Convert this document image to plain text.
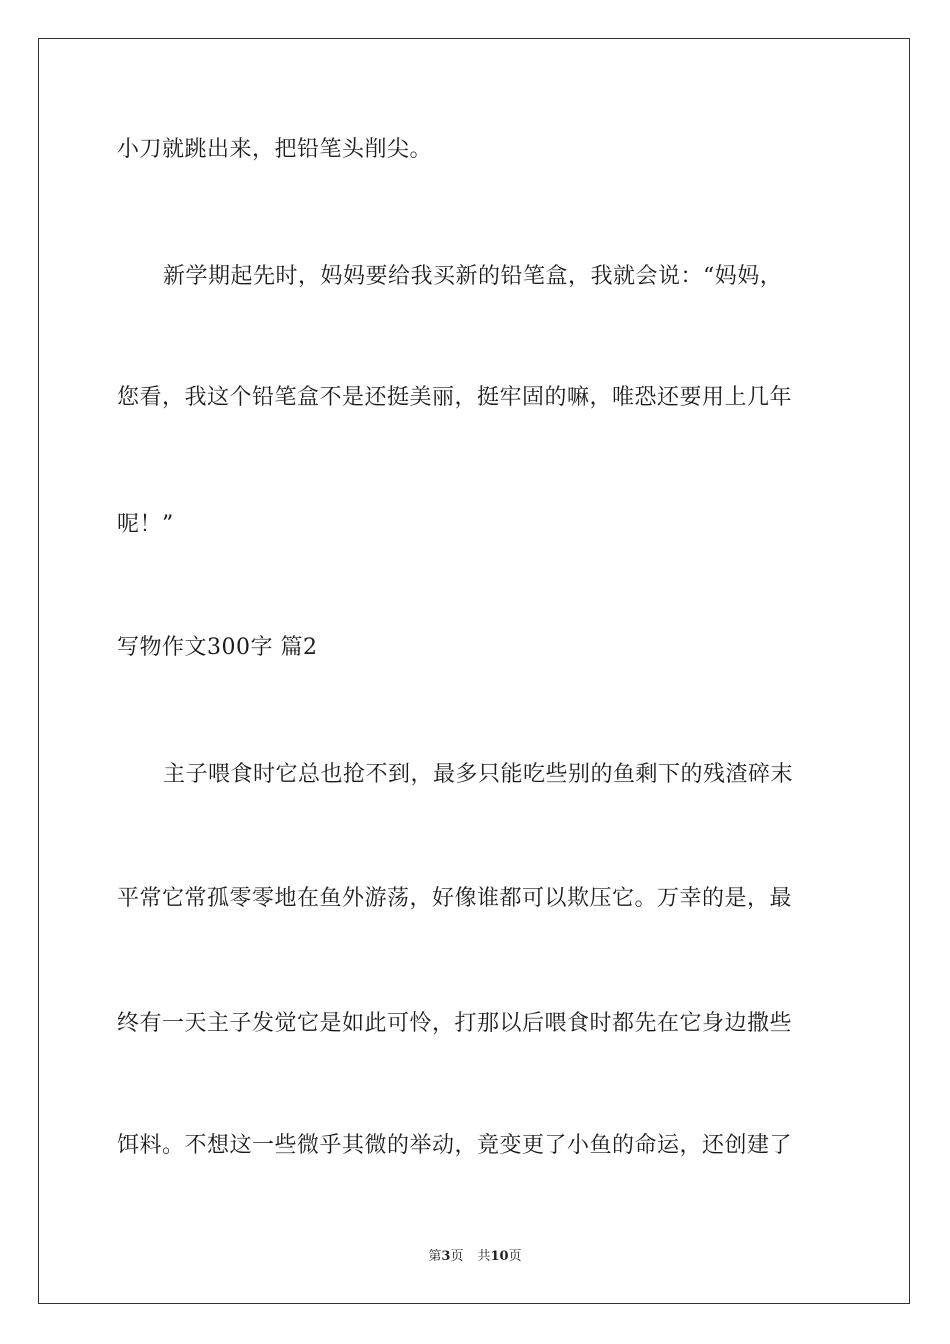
小刀就跳出来，把铅笔头削尖。
新学期起先时，妈妈要给我买新的铅笔盒，我就会说：“妈妈，
您看，我这个铅笔盒不是还挺美丽，挺牢固的嘛，唯恐还要用上几年
呢！”
写物作文300字 篇2
主子喂食时它总也抢不到，最多只能吃些别的鱼剩下的残渣碎末
平常它常孤零零地在鱼外游荡，好像谁都可以欺压它。万幸的是，最
终有一天主子发觉它是如此可怜，打那以后喂食时都先在它身边撒些
饵料。不想这一些微乎其微的举动，竟变更了小鱼的命运，还创建了
第3页 共10页
